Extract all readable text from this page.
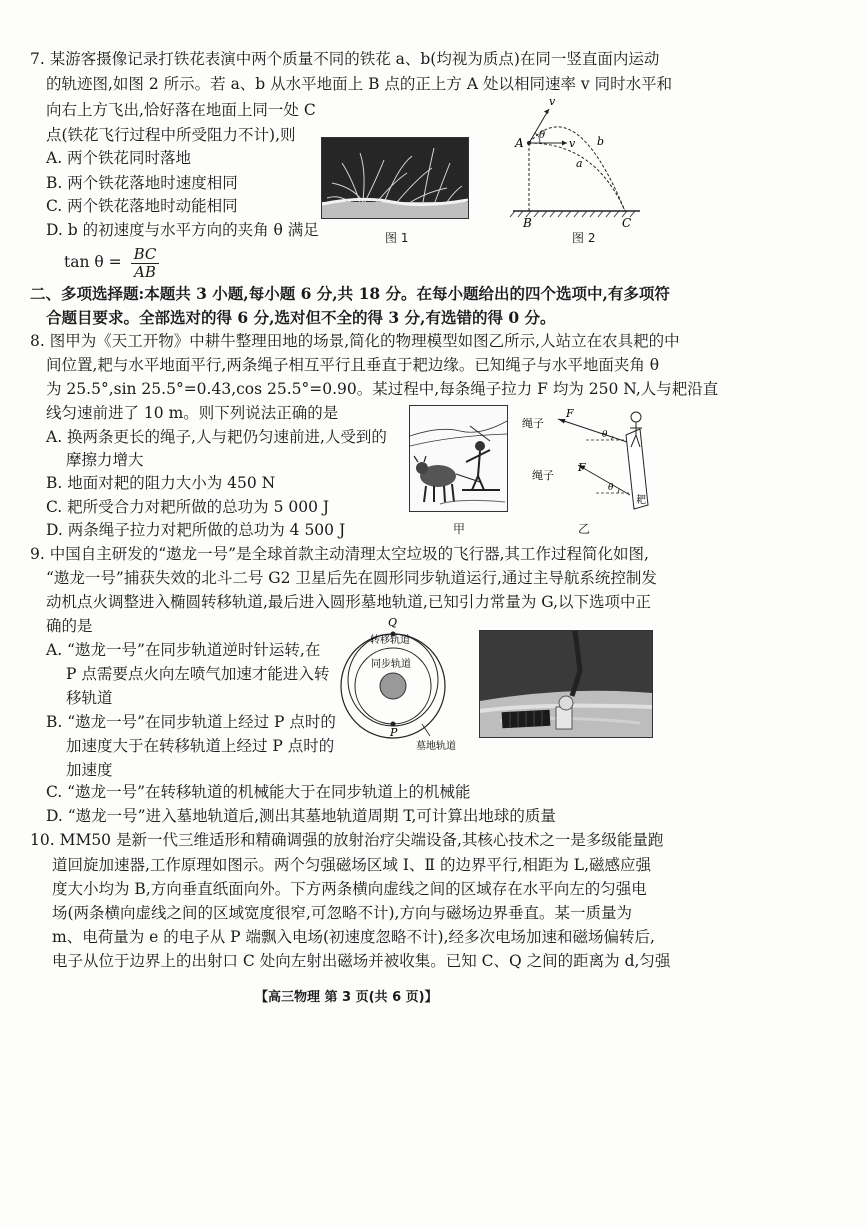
7. 某游客摄像记录打铁花表演中两个质量不同的铁花 a、b(均视为质点)在同一竖直面内运动
的轨迹图,如图 2 所示。若 a、b 从水平地面上 B 点的正上方 A 处以相同速率 v 同时水平和
向右上方飞出,恰好落在地面上同一处 C
点(铁花飞行过程中所受阻力不计),则
A. 两个铁花同时落地
B. 两个铁花落地时速度相同
C. 两个铁花落地时动能相同
D. b 的初速度与水平方向的夹角 θ 满足
$\tan \theta = \frac{BC}{AB}$
图 1
A
B	C
v
v
θ
a
b
图 2
二、多项选择题:本题共 3 小题,每小题 6 分,共 18 分。在每小题给出的四个选项中,有多项符
合题目要求。全部选对的得 6 分,选对但不全的得 3 分,有选错的得 0 分。
8. 图甲为《天工开物》中耕牛整理田地的场景,简化的物理模型如图乙所示,人站立在农具耙的中
间位置,耙与水平地面平行,两条绳子相互平行且垂直于耙边缘。已知绳子与水平地面夹角 θ
为 25.5°,sin 25.5°=0.43,cos 25.5°=0.90。某过程中,每条绳子拉力 F 均为 250 N,人与耙沿直
线匀速前进了 10 m。则下列说法正确的是
A. 换两条更长的绳子,人与耙仍匀速前进,人受到的
摩擦力增大
B. 地面对耙的阻力大小为 450 N
C. 耙所受合力对耙所做的总功为 5 000 J
D. 两条绳子拉力对耙所做的总功为 4 500 J	甲
绳子
绳子
F
F
θ
θ
耙
乙
9. 中国自主研发的“遨龙一号”是全球首款主动清理太空垃圾的飞行器,其工作过程简化如图,
“遨龙一号”捕获失效的北斗二号 G2 卫星后先在圆形同步轨道运行,通过主导航系统控制发
动机点火调整进入椭圆转移轨道,最后进入圆形墓地轨道,已知引力常量为 G,以下选项中正
确的是
A. “遨龙一号”在同步轨道逆时针运转,在
P 点需要点火向左喷气加速才能进入转
移轨道
B. “遨龙一号”在同步轨道上经过 P 点时的
加速度大于在转移轨道上经过 P 点时的
加速度
C. “遨龙一号”在转移轨道的机械能大于在同步轨道上的机械能
D. “遨龙一号”进入墓地轨道后,测出其墓地轨道周期 T,可计算出地球的质量
Q
P
转移轨道
同步轨道
墓地轨道
10. MM50 是新一代三维适形和精确调强的放射治疗尖端设备,其核心技术之一是多级能量跑
道回旋加速器,工作原理如图示。两个匀强磁场区域 Ⅰ、Ⅱ 的边界平行,相距为 L,磁感应强
度大小均为 B,方向垂直纸面向外。下方两条横向虚线之间的区域存在水平向左的匀强电
场(两条横向虚线之间的区域宽度很窄,可忽略不计),方向与磁场边界垂直。某一质量为
m、电荷量为 e 的电子从 P 端飘入电场(初速度忽略不计),经多次电场加速和磁场偏转后,
电子从位于边界上的出射口 C 处向左射出磁场并被收集。已知 C、Q 之间的距离为 d,匀强
【高三物理 第 3 页(共 6 页)】
